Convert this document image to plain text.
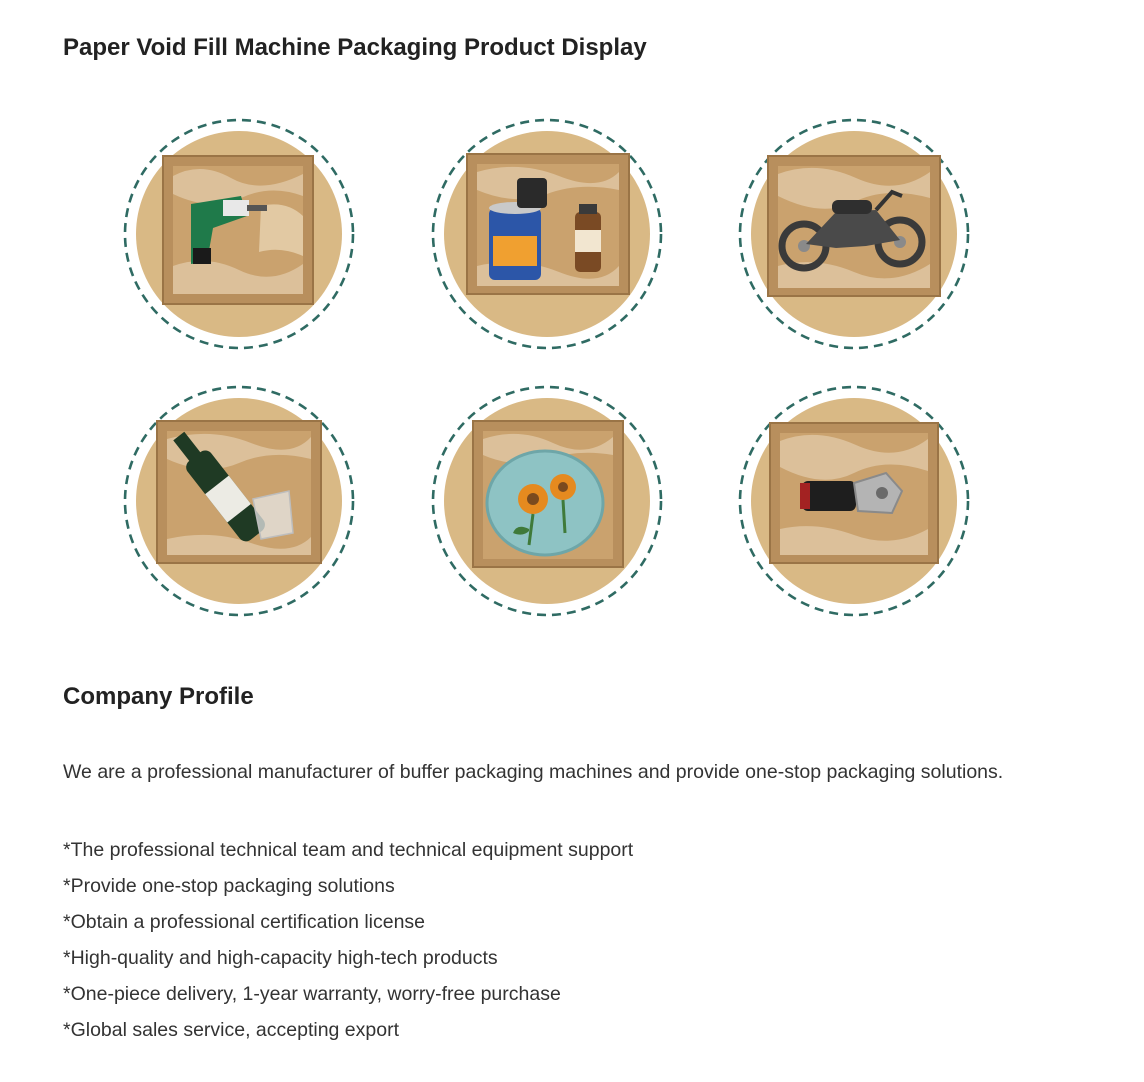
Paper Void Fill Machine Packaging Product Display
Company Profile

We are a professional manufacturer of buffer packaging machines and provide one-stop packaging solutions.

*The professional technical team and technical equipment support
*Provide one-stop packaging solutions
*Obtain a professional certification license
*High-quality and high-capacity high-tech products
*One-piece delivery, 1-year warranty, worry-free purchase
*Global sales service, accepting export
